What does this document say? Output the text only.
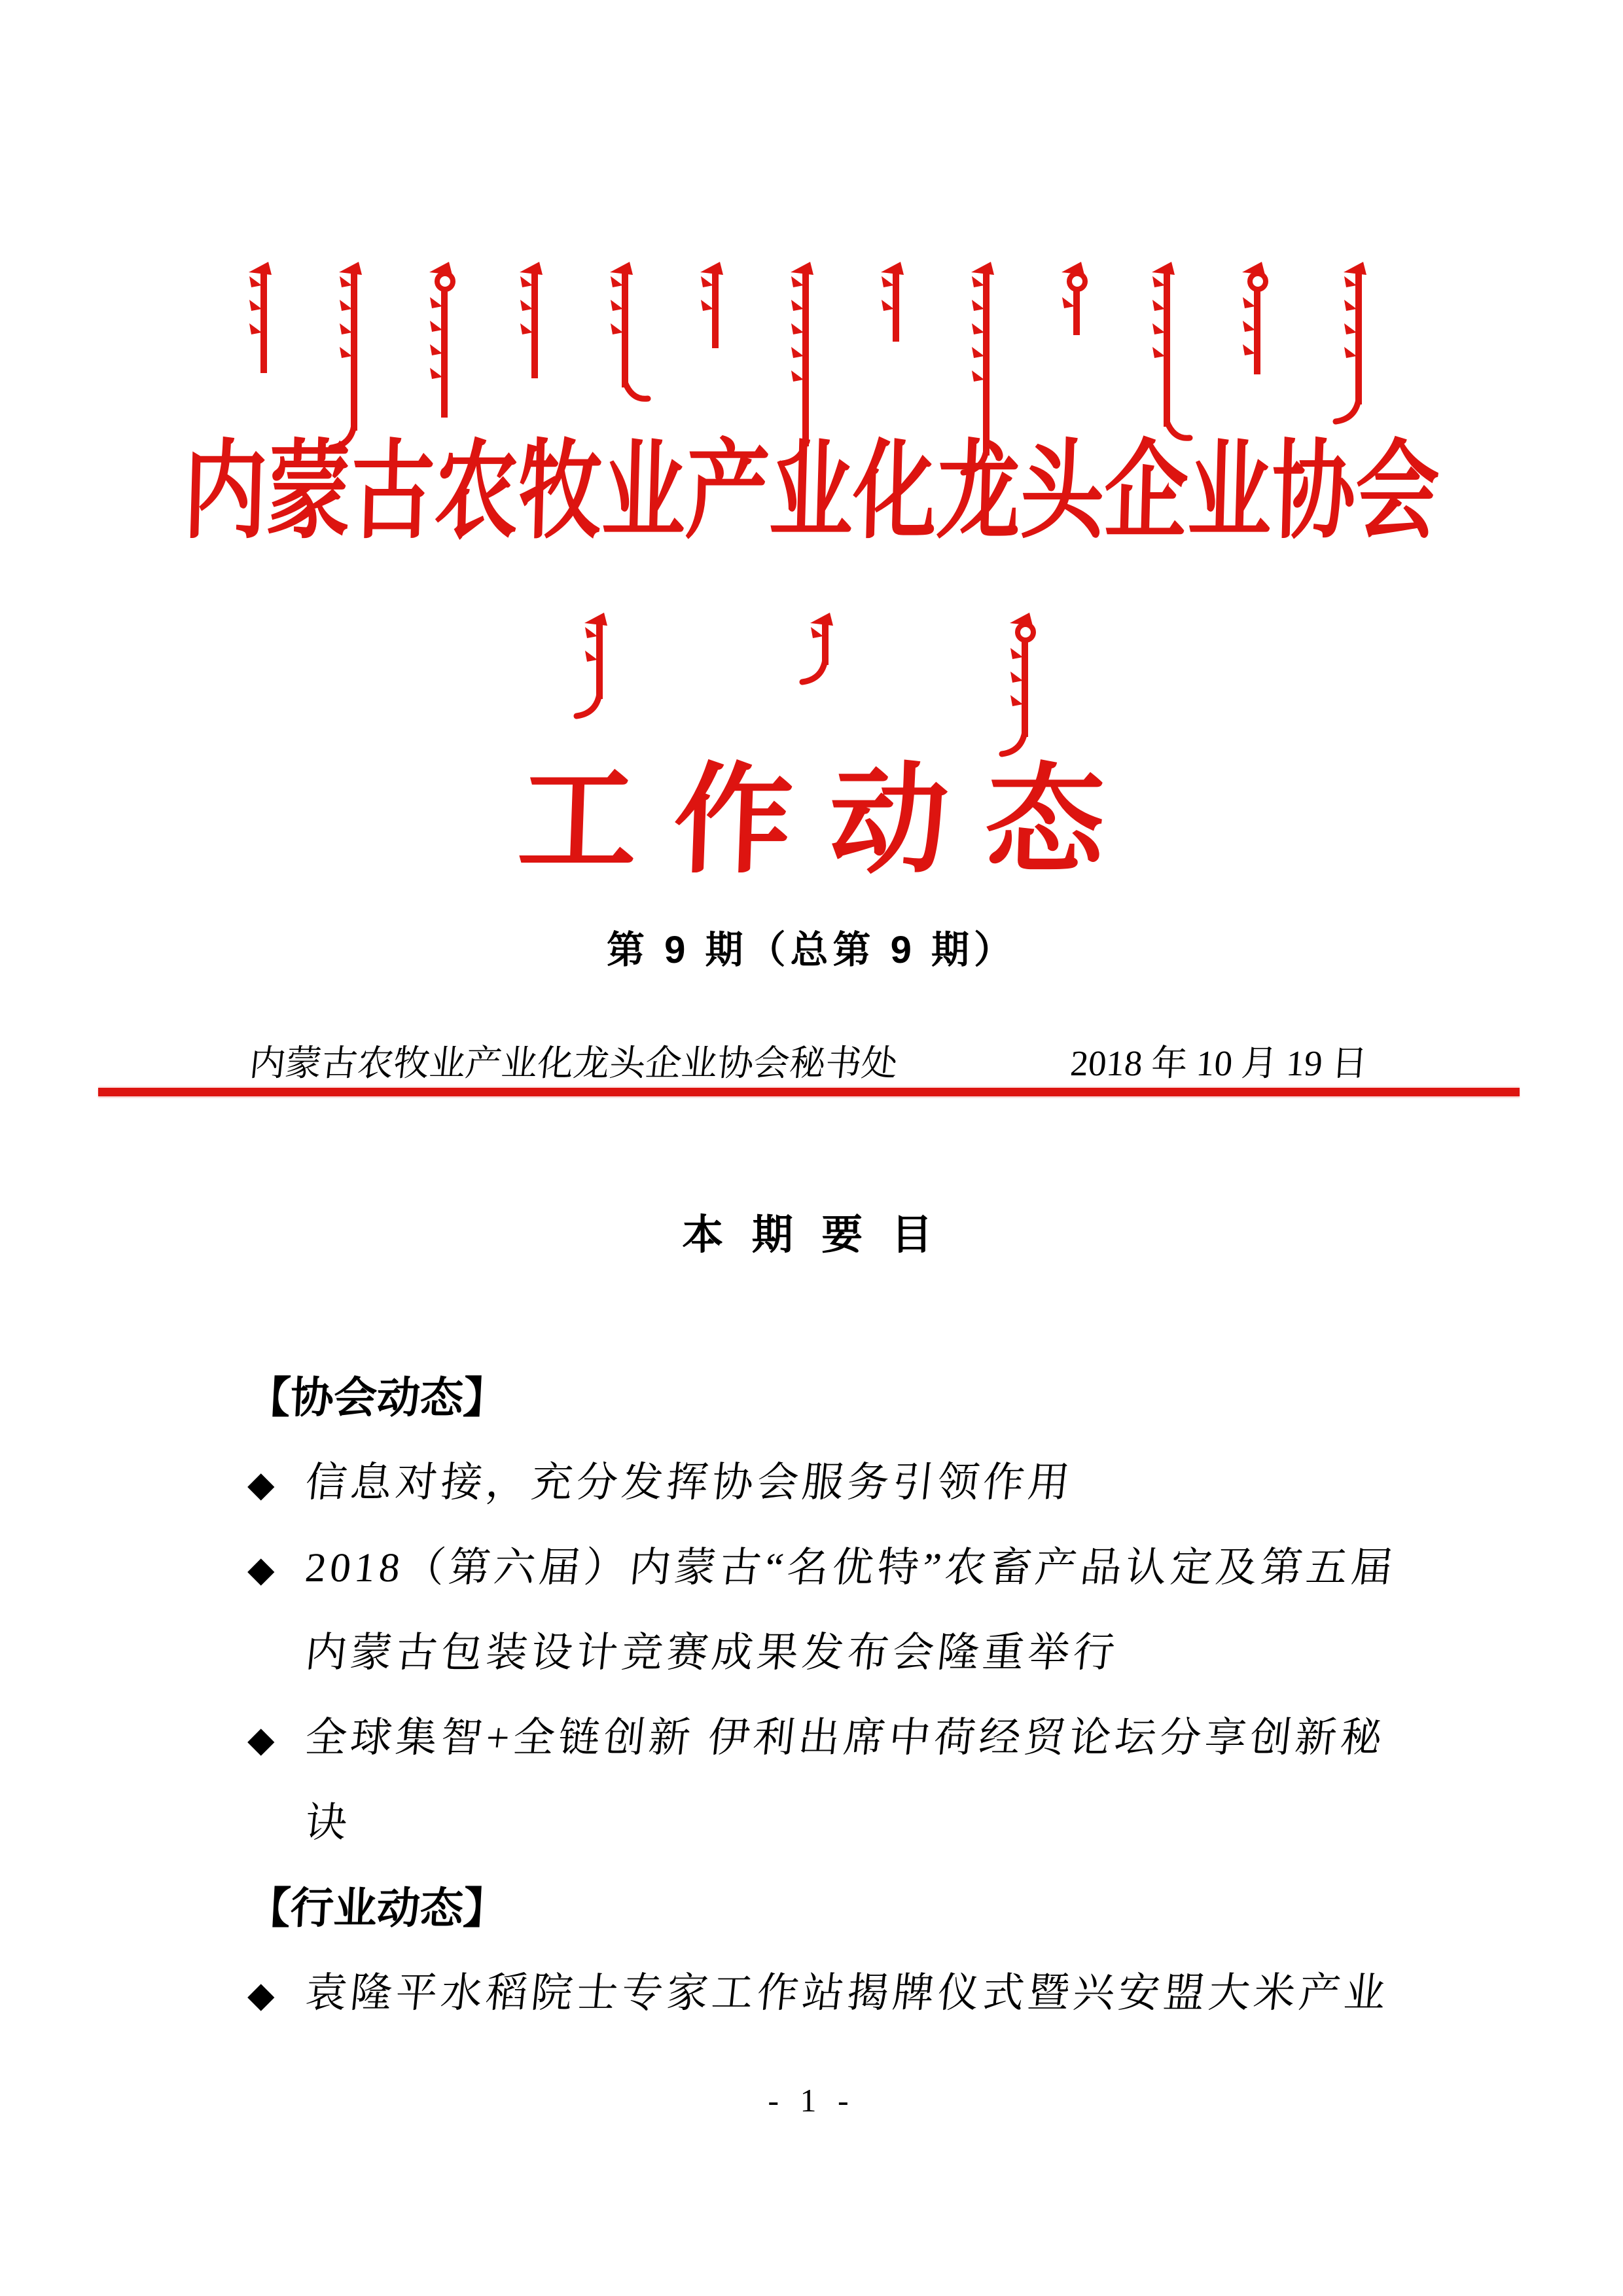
内蒙古农牧业产业化龙头企业协会
工作动态
第 9 期（总第 9 期）
内蒙古农牧业产业化龙头企业协会秘书处	2018 年 10 月 19 日
本 期 要 目
【协会动态】
◆ 信息对接，充分发挥协会服务引领作用
◆ 2018（第六届）内蒙古“名优特”农畜产品认定及第五届
内蒙古包装设计竞赛成果发布会隆重举行
◆ 全球集智+全链创新 伊利出席中荷经贸论坛分享创新秘
诀
【行业动态】
◆ 袁隆平水稻院士专家工作站揭牌仪式暨兴安盟大米产业
- 1 -
